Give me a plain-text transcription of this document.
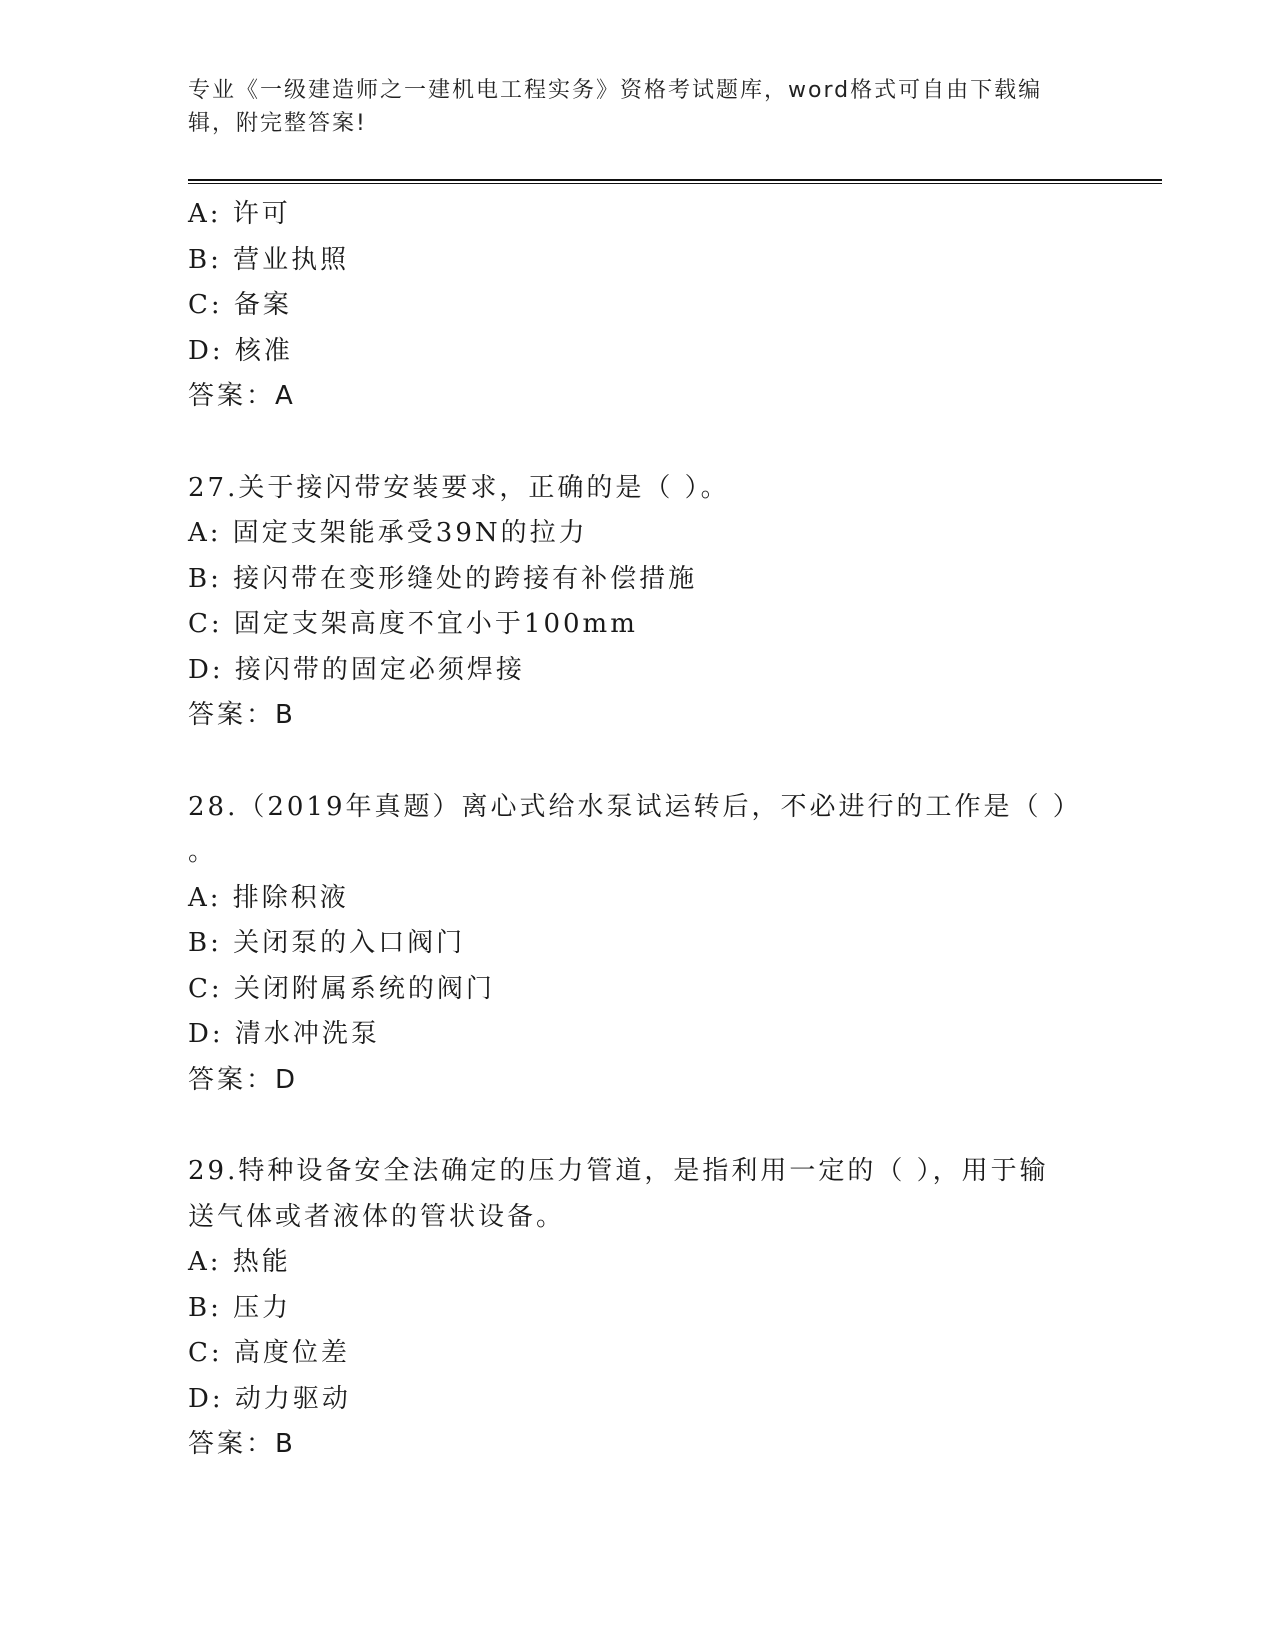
专业《一级建造师之一建机电工程实务》资格考试题库，word格式可自由下载编
辑，附完整答案!
A: 许可
B: 营业执照
C: 备案
D: 核准
答案：A
27.关于接闪带安装要求，正确的是（ ）。
A: 固定支架能承受39N的拉力
B: 接闪带在变形缝处的跨接有补偿措施
C: 固定支架高度不宜小于100mm
D: 接闪带的固定必须焊接
答案：B
28.（2019年真题）离心式给水泵试运转后，不必进行的工作是（ ）
。
A: 排除积液
B: 关闭泵的入口阀门
C: 关闭附属系统的阀门
D: 清水冲洗泵
答案：D
29.特种设备安全法确定的压力管道，是指利用一定的（ ），用于输
送气体或者液体的管状设备。
A: 热能
B: 压力
C: 高度位差
D: 动力驱动
答案：B
